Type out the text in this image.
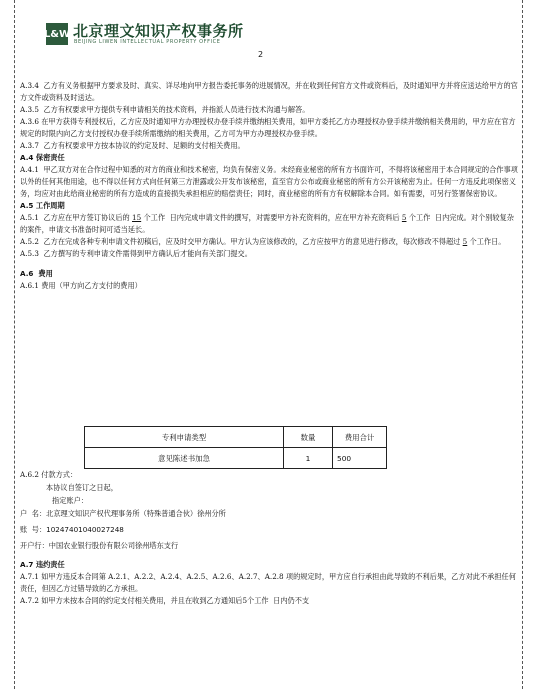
L&W 北京理文知识产权事务所
BEIJING LIWEN INTELLECTUAL PROPERTY OFFICE
2

A.3.4  乙方有义务根据甲方要求及时、真实、详尽地向甲方报告委托事务的进展情况，并在收到任何官方文件或资料后，及时通知甲方并将应送达给甲方的官方文件或资料及时送达。

A.3.5  乙方有权要求甲方提供专利申请相关的技术资料，并指派人员进行技术沟通与解答。

A.3.6 在甲方获得专利授权后，乙方应及时通知甲方办理授权办登手续并缴纳相关费用，如甲方委托乙方办理授权办登手续并缴纳相关费用的，甲方应在官方规定的时限内向乙方支付授权办登手续所需缴纳的相关费用，乙方可为甲方办理授权办登手续。

A.3.7  乙方有权要求甲方按本协议的约定及时、足额的支付相关费用。

A.4 保密责任

A.4.1  甲乙双方对在合作过程中知悉的对方的商业和技术秘密，均负有保密义务。未经商业秘密的所有方书面许可，不得将该秘密用于本合同规定的合作事项以外的任何其他用途，也不得以任何方式向任何第三方泄露或公开发布该秘密，直至官方公布或商业秘密的所有方公开该秘密为止。任何一方违反此项保密义务，均应对由此给商业秘密的所有方造成的直接损失承担相应的赔偿责任；同时，商业秘密的所有方有权解除本合同。如有需要，可另行签署保密协议。

A.5 工作周期

A.5.1  乙方应在甲方签订协议后的 15 个工作  日内完成申请文件的撰写，对需要甲方补充资料的，应在甲方补充资料后 5 个工作  日内完成。对个别较复杂的案件，申请文书准备时间可适当延长。

A.5.2  乙方在完成各种专利申请文件初稿后，应及时交甲方确认。甲方认为应该修改的，乙方应按甲方的意见进行修改，每次修改不得超过 5 个工作日。

A.5.3  乙方撰写的专利申请文件需得到甲方确认后才能向有关部门提交。

A.6  费用

A.6.1 费用（甲方向乙方支付的费用）

专利申请类型	数量	费用合计
意见陈述书加急	1	500

A.6.2 付款方式：

本协议自签订之日起，

指定账户：

户  名：北京理文知识产权代理事务所（特殊普通合伙）徐州分所

账  号：10247401040027248

开户行：中国农业银行股份有限公司徐州塔东支行

A.7 违约责任

A.7.1 如甲方违反本合同第 A.2.1、A.2.2、A.2.4、A.2.5、A.2.6、A.2.7、A.2.8 项的规定时，甲方应自行承担由此导致的不利后果，乙方对此不承担任何责任，但因乙方过错导致的乙方承担。

A.7.2 如甲方未按本合同的约定支付相关费用，并且在收到乙方通知后5个工作  日内仍不支
